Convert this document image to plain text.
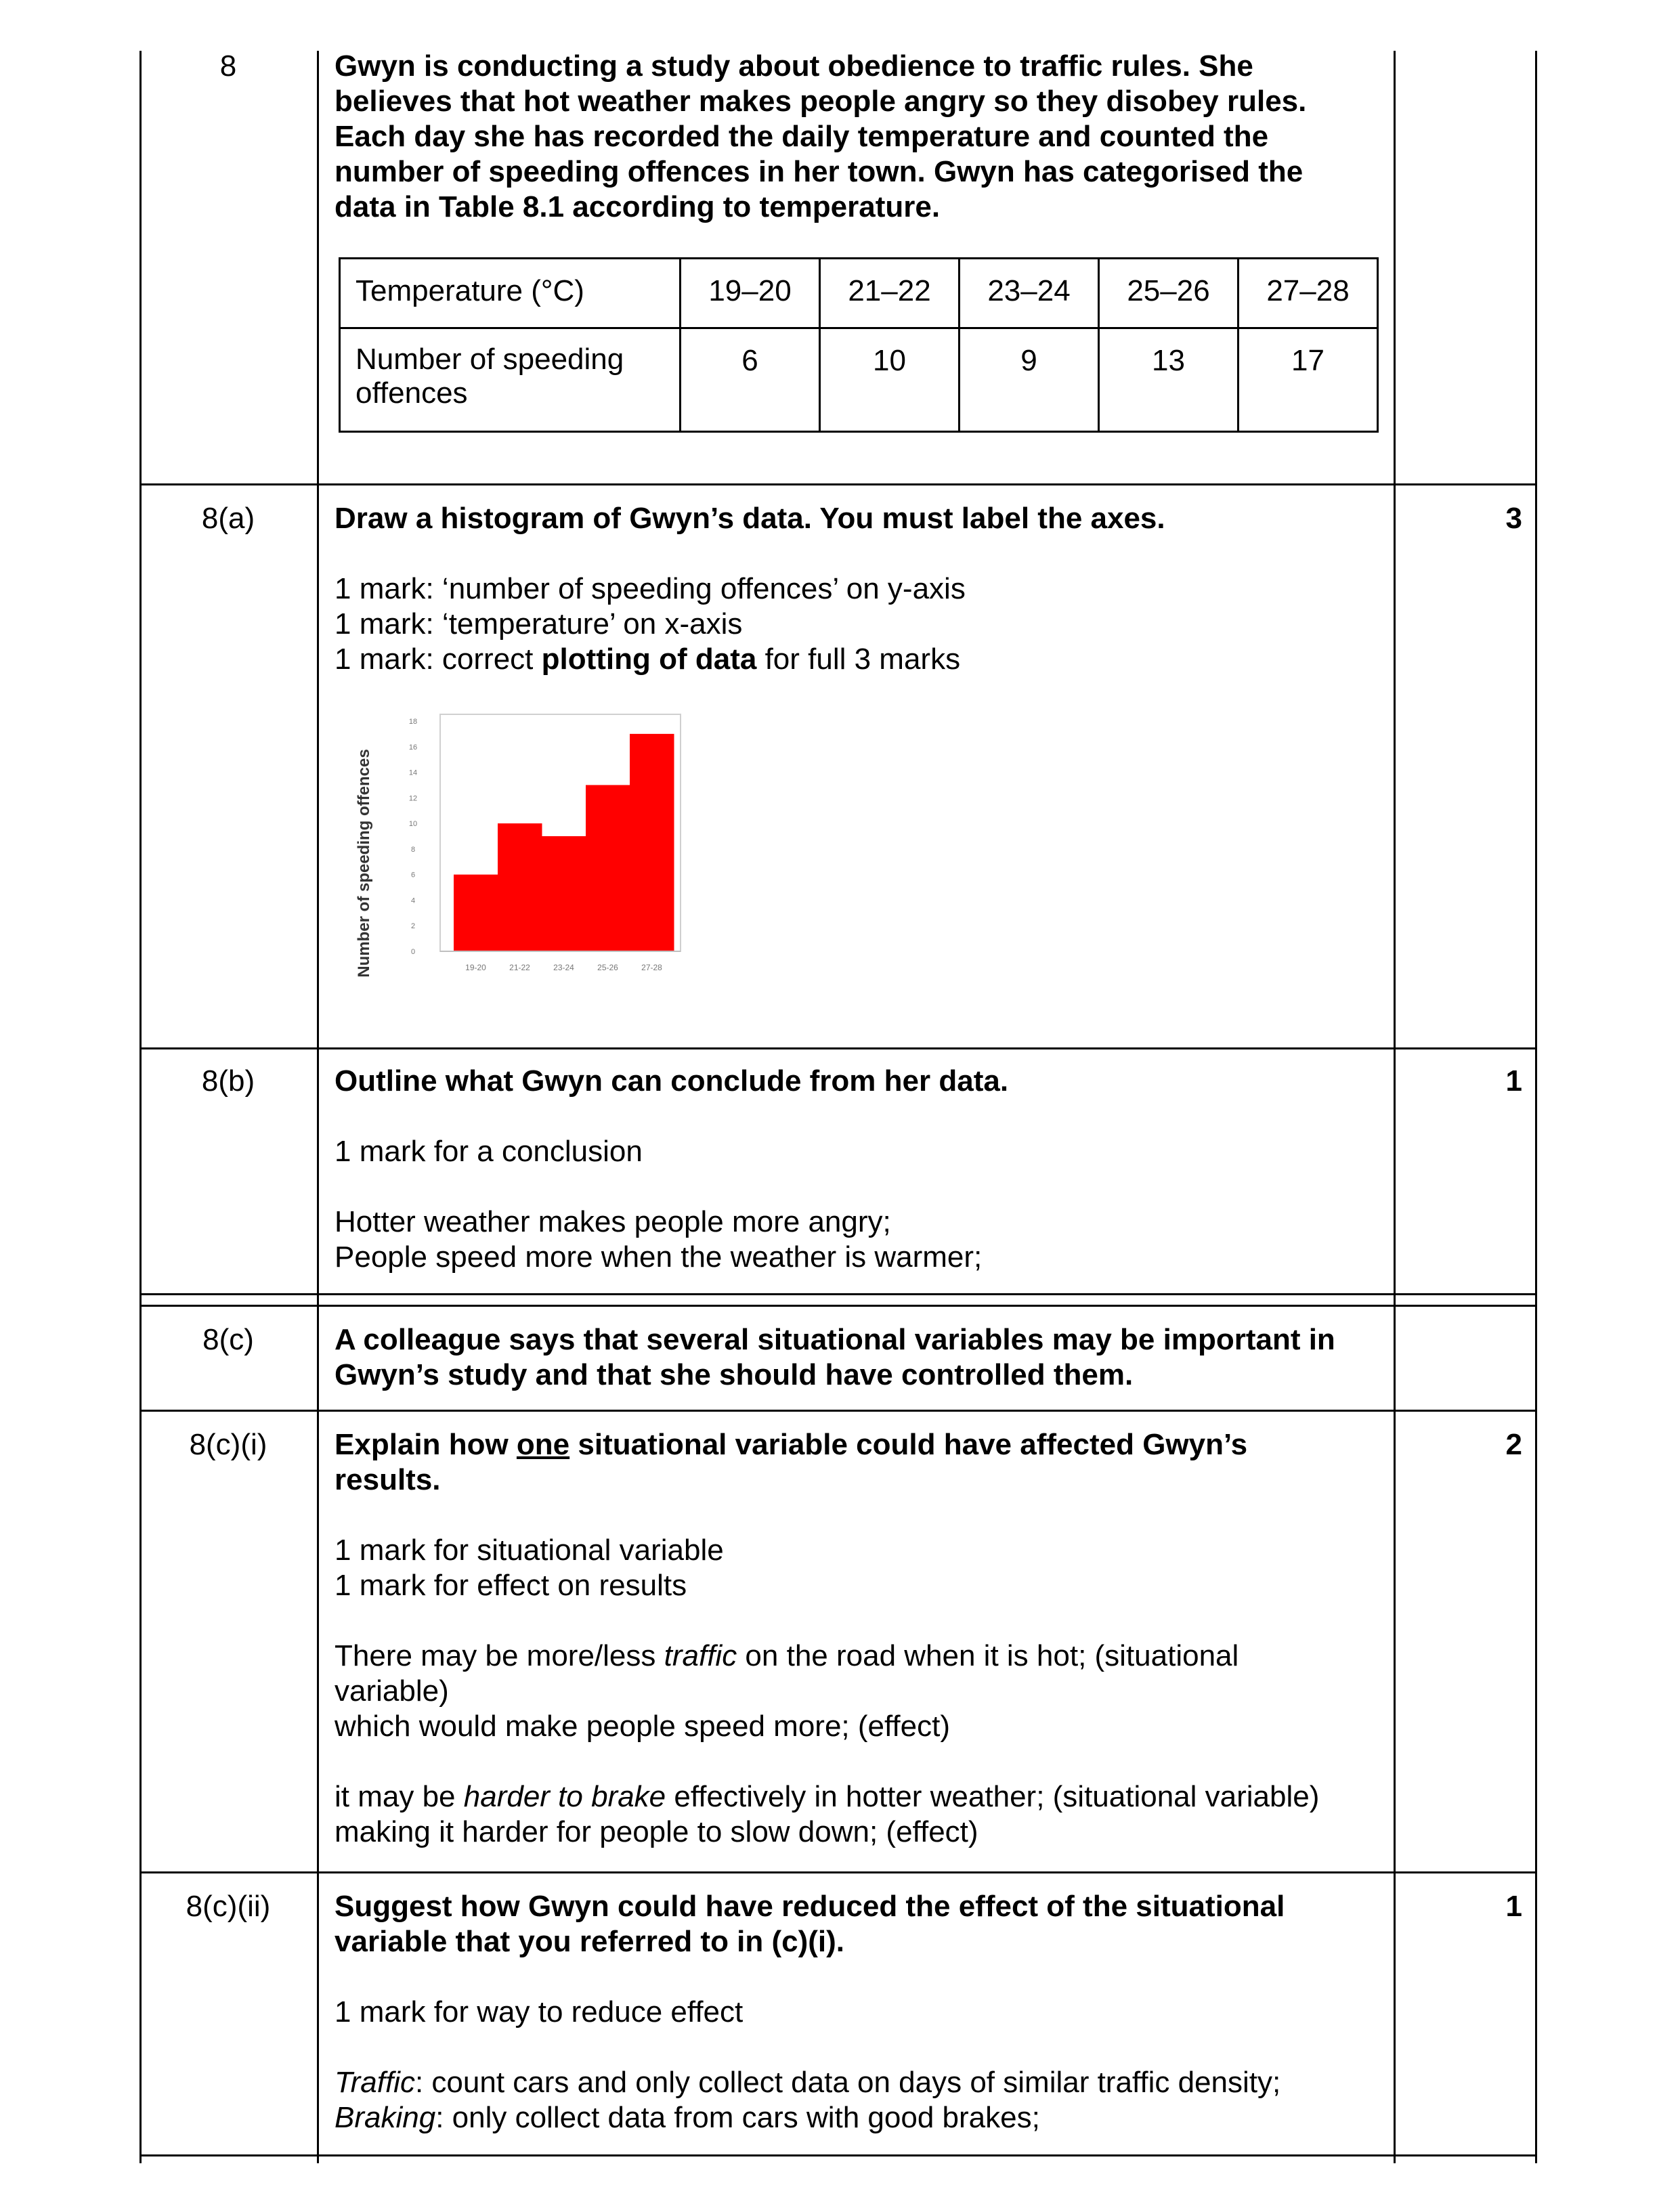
8	Gwyn is conducting a study about obedience to traffic rules. She
believes that hot weather makes people angry so they disobey rules.
Each day she has recorded the daily temperature and counted the
number of speeding offences in her town. Gwyn has categorised the
data in Table 8.1 according to temperature.
Temperature (°C)	19–20	21–22	23–24	25–26	27–28
Number of speeding offences	6	10	9	13	17
8(a)	3
Draw a histogram of Gwyn’s data. You must label the axes.
1 mark: ‘number of speeding offences’ on y-axis
1 mark: ‘temperature’ on x-axis
1 mark: correct plotting of data for full 3 marks
0
2
4
6
8
10
12
14
16
18
19-20	21-22	23-24	25-26	27-28
Number of speeding offences
8(b)	1
Outline what Gwyn can conclude from her data.
1 mark for a conclusion
Hotter weather makes people more angry;
People speed more when the weather is warmer;
8(c)	A colleague says that several situational variables may be important in
Gwyn’s study and that she should have controlled them.
8(c)(i)	2
Explain how one situational variable could have affected Gwyn’s
results.
1 mark for situational variable
1 mark for effect on results
There may be more/less traffic on the road when it is hot; (situational
variable)
which would make people speed more; (effect)
it may be harder to brake effectively in hotter weather; (situational variable)
making it harder for people to slow down; (effect)
8(c)(ii)	1
Suggest how Gwyn could have reduced the effect of the situational
variable that you referred to in (c)(i).
1 mark for way to reduce effect
Traffic: count cars and only collect data on days of similar traffic density;
Braking: only collect data from cars with good brakes;
